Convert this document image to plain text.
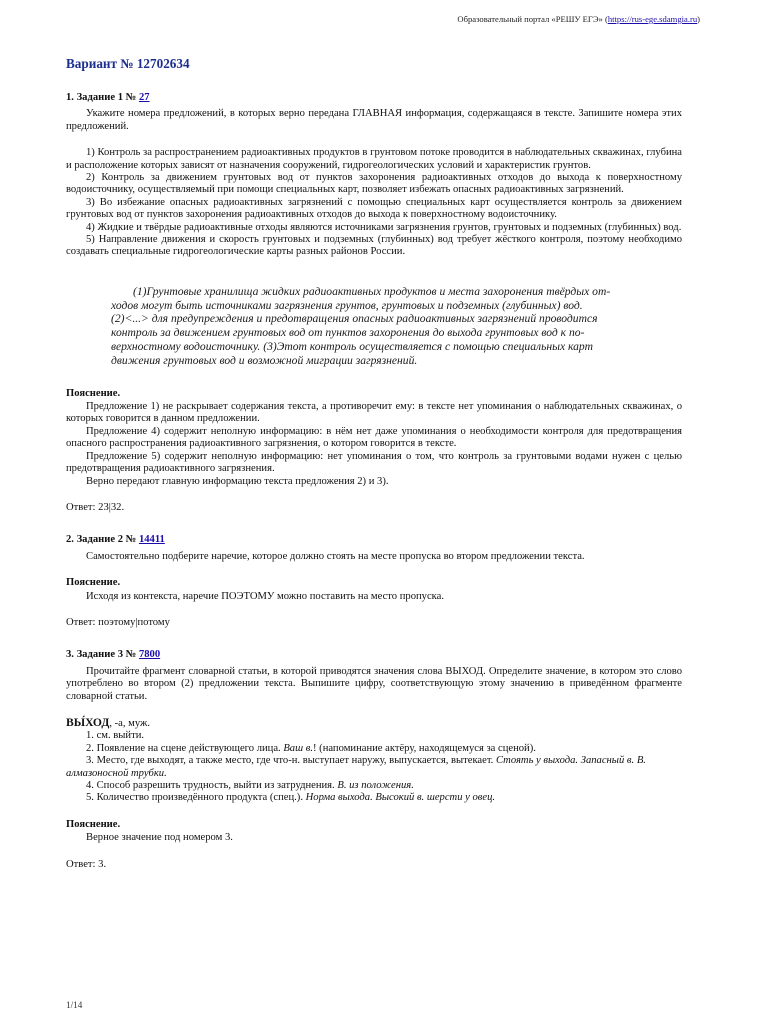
Образовательный портал «РЕШУ ЕГЭ» (https://rus-ege.sdamgia.ru)
Вариант № 12702634
1. Задание 1 № 27

Укажите номера предложений, в которых верно передана ГЛАВНАЯ информация, содержащаяся в тексте. Запишите номера этих предложений.

1) Контроль за распространением радиоактивных продуктов в грунтовом потоке проводится в наблюдательных скважинах, глубина и расположение которых зависят от назначения сооружений, гидрогеологических условий и характеристик грунтов.

2) Контроль за движением грунтовых вод от пунктов захоронения радиоактивных отходов до выхода к поверхностному водоисточнику, осуществляемый при помощи специальных карт, позволяет избежать опасных радиоактивных загрязнений.

3) Во избежание опасных радиоактивных загрязнений с помощью специальных карт осуществляется контроль за движением грунтовых вод от пунктов захоронения радиоактивных отходов до выхода к поверхностному водоисточнику.

4) Жидкие и твёрдые радиоактивные отходы являются источниками загрязнения грунтов, грунтовых и подземных (глубинных) вод.

5) Направление движения и скорость грунтовых и подземных (глубинных) вод требует жёсткого контроля, поэтому необходимо создавать специальные гидрогеологические карты разных районов России.

(1)Грунтовые хранилища жидких радиоактивных продуктов и места захоронения твёрдых от-
ходов могут быть источниками загрязнения грунтов, грунтовых и подземных (глубинных) вод.
(2)<...> для предупреждения и предотвращения опасных радиоактивных загрязнений проводится
контроль за движением грунтовых вод от пунктов захоронения до выхода грунтовых вод к по-
верхностному водоисточнику. (3)Этот контроль осуществляется с помощью специальных карт
движения грунтовых вод и возможной миграции загрязнений.
Пояснение.

Предложение 1) не раскрывает содержания текста, а противоречит ему: в тексте нет упоминания о наблюдательных скважинах, о которых говорится в данном предложении.

Предложение 4) содержит неполную информацию: в нём нет даже упоминания о необходимости контроля для предотвращения опасного распространения радиоактивного загрязнения, о котором говорится в тексте.

Предложение 5) содержит неполную информацию: нет упоминания о том, что контроль за грунтовыми водами нужен с целью предотвращения радиоактивного загрязнения.

Верно передают главную информацию текста предложения 2) и 3).

Ответ: 23|32.

2. Задание 2 № 14411

Самостоятельно подберите наречие, которое должно стоять на месте пропуска во втором предложении текста.

Пояснение.

Исходя из контекста, наречие ПОЭТОМУ можно поставить на место пропуска.

Ответ: поэтому|потому

3. Задание 3 № 7800

Прочитайте фрагмент словарной статьи, в которой приводятся значения слова ВЫХОД. Определите значение, в котором это слово употреблено во втором (2) предложении текста. Выпишите цифру, соответствующую этому значению в приведённом фрагменте словарной статьи.

ВЫ́ХОД, -а, муж.

1. см. выйти.

2. Появление на сцене действующего лица. Ваш в.! (напоминание актёру, находящемуся за сценой).

3. Место, где выходят, а также место, где что-н. выступает наружу, выпускается, вытекает. Стоять у выхода. Запасный в. В. алмазоносной трубки.

4. Способ разрешить трудность, выйти из затруднения. В. из положения.

5. Количество произведённого продукта (спец.). Норма выхода. Высокий в. шерсти у овец.

Пояснение.

Верное значение под номером 3.

Ответ: 3.

1/14
